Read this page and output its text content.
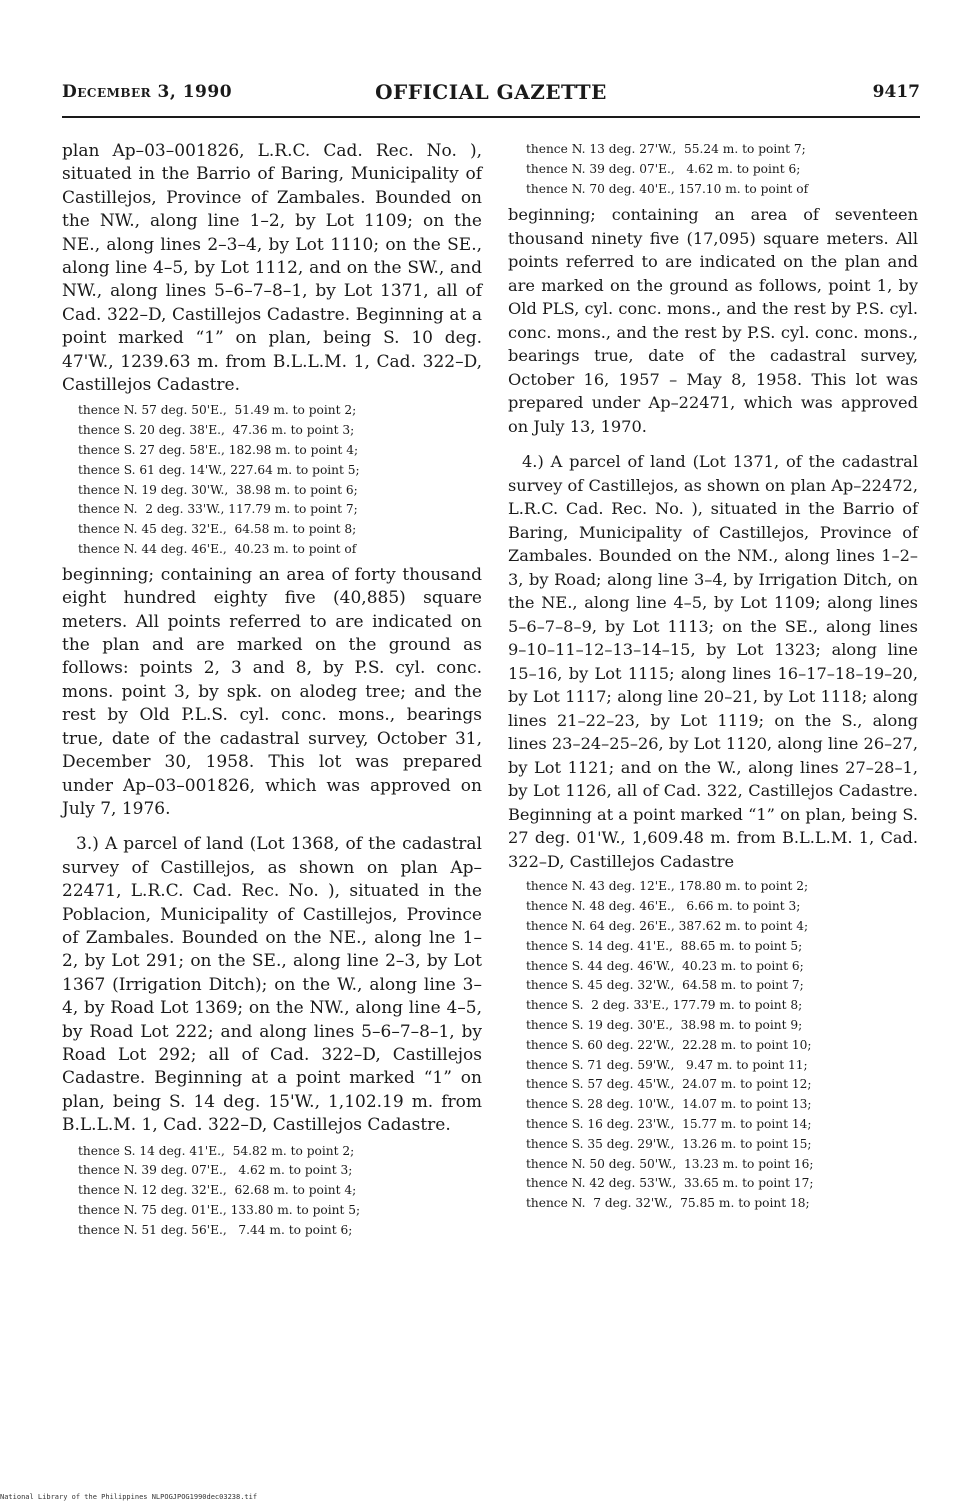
December 3, 1990	OFFICIAL GAZETTE	9417

plan Ap–03–001826, L.R.C. Cad. Rec. No. ), situated in the Barrio of Baring, Municipality of Castillejos, Province of Zambales. Bounded on the NW., along line 1–2, by Lot 1109; on the NE., along lines 2–3–4, by Lot 1110; on the SE., along line 4–5, by Lot 1112, and on the SW., and NW., along lines 5–6–7–8–1, by Lot 1371, all of Cad. 322–D, Castillejos Cadastre. Beginning at a point marked “1” on plan, being S. 10 deg. 47'W., 1239.63 m. from B.L.L.M. 1, Cad. 322–D, Castillejos Cadastre.

thence N. 57 deg. 50'E.,  51.49 m. to point 2;
thence S. 20 deg. 38'E.,  47.36 m. to point 3;
thence S. 27 deg. 58'E., 182.98 m. to point 4;
thence S. 61 deg. 14'W., 227.64 m. to point 5;
thence N. 19 deg. 30'W.,  38.98 m. to point 6;
thence N.  2 deg. 33'W., 117.79 m. to point 7;
thence N. 45 deg. 32'E.,  64.58 m. to point 8;
thence N. 44 deg. 46'E.,  40.23 m. to point of

beginning; containing an area of forty thousand eight hundred eighty five (40,885) square meters. All points referred to are indicated on the plan and are marked on the ground as follows: points 2, 3 and 8, by P.S. cyl. conc. mons. point 3, by spk. on alodeg tree; and the rest by Old P.L.S. cyl. conc. mons., bearings true, date of the cadastral survey, October 31, December 30, 1958. This lot was prepared under Ap–03–001826, which was approved on July 7, 1976.

3.) A parcel of land (Lot 1368, of the cadastral survey of Castillejos, as shown on plan Ap–22471, L.R.C. Cad. Rec. No. ), situated in the Poblacion, Municipality of Castillejos, Province of Zambales. Bounded on the NE., along lne 1–2, by Lot 291; on the SE., along line 2–3, by Lot 1367 (Irrigation Ditch); on the W., along line 3–4, by Road Lot 1369; on the NW., along line 4–5, by Road Lot 222; and along lines 5–6–7–8–1, by Road Lot 292; all of Cad. 322–D, Castillejos Cadastre. Beginning at a point marked “1” on plan, being S. 14 deg. 15'W., 1,102.19 m. from B.L.L.M. 1, Cad. 322–D, Castillejos Cadastre.

thence S. 14 deg. 41'E.,  54.82 m. to point 2;
thence N. 39 deg. 07'E.,   4.62 m. to point 3;
thence N. 12 deg. 32'E.,  62.68 m. to point 4;
thence N. 75 deg. 01'E., 133.80 m. to point 5;
thence N. 51 deg. 56'E.,   7.44 m. to point 6;
thence N. 13 deg. 27'W.,  55.24 m. to point 7;
thence N. 39 deg. 07'E.,   4.62 m. to point 6;
thence N. 70 deg. 40'E., 157.10 m. to point of

beginning; containing an area of seventeen thousand ninety five (17,095) square meters. All points referred to are indicated on the plan and are marked on the ground as follows, point 1, by Old PLS, cyl. conc. mons., and the rest by P.S. cyl. conc. mons., and the rest by P.S. cyl. conc. mons., bearings true, date of the cadastral survey, October 16, 1957 – May 8, 1958. This lot was prepared under Ap–22471, which was approved on July 13, 1970.

4.) A parcel of land (Lot 1371, of the cadastral survey of Castillejos, as shown on plan Ap–22472, L.R.C. Cad. Rec. No. ), situated in the Barrio of Baring, Municipality of Castillejos, Province of Zambales. Bounded on the NM., along lines 1–2–3, by Road; along line 3–4, by Irrigation Ditch, on the NE., along line 4–5, by Lot 1109; along lines 5–6–7–8–9, by Lot 1113; on the SE., along lines 9–10–11–12–13–14–15, by Lot 1323; along line 15–16, by Lot 1115; along lines 16–17–18–19–20, by Lot 1117; along line 20–21, by Lot 1118; along lines 21–22–23, by Lot 1119; on the S., along lines 23–24–25–26, by Lot 1120, along line 26–27, by Lot 1121; and on the W., along lines 27–28–1, by Lot 1126, all of Cad. 322, Castillejos Cadastre. Beginning at a point marked “1” on plan, being S. 27 deg. 01'W., 1,609.48 m. from B.L.L.M. 1, Cad. 322–D, Castillejos Cadastre

thence N. 43 deg. 12'E., 178.80 m. to point 2;
thence N. 48 deg. 46'E.,   6.66 m. to point 3;
thence N. 64 deg. 26'E., 387.62 m. to point 4;
thence S. 14 deg. 41'E.,  88.65 m. to point 5;
thence S. 44 deg. 46'W.,  40.23 m. to point 6;
thence S. 45 deg. 32'W.,  64.58 m. to point 7;
thence S.  2 deg. 33'E., 177.79 m. to point 8;
thence S. 19 deg. 30'E.,  38.98 m. to point 9;
thence S. 60 deg. 22'W.,  22.28 m. to point 10;
thence S. 71 deg. 59'W.,   9.47 m. to point 11;
thence S. 57 deg. 45'W.,  24.07 m. to point 12;
thence S. 28 deg. 10'W.,  14.07 m. to point 13;
thence S. 16 deg. 23'W.,  15.77 m. to point 14;
thence S. 35 deg. 29'W.,  13.26 m. to point 15;
thence N. 50 deg. 50'W.,  13.23 m. to point 16;
thence N. 42 deg. 53'W.,  33.65 m. to point 17;
thence N.  7 deg. 32'W.,  75.85 m. to point 18;
National Library of the Philippines NLPOGJPOG1990dec03238.tif
